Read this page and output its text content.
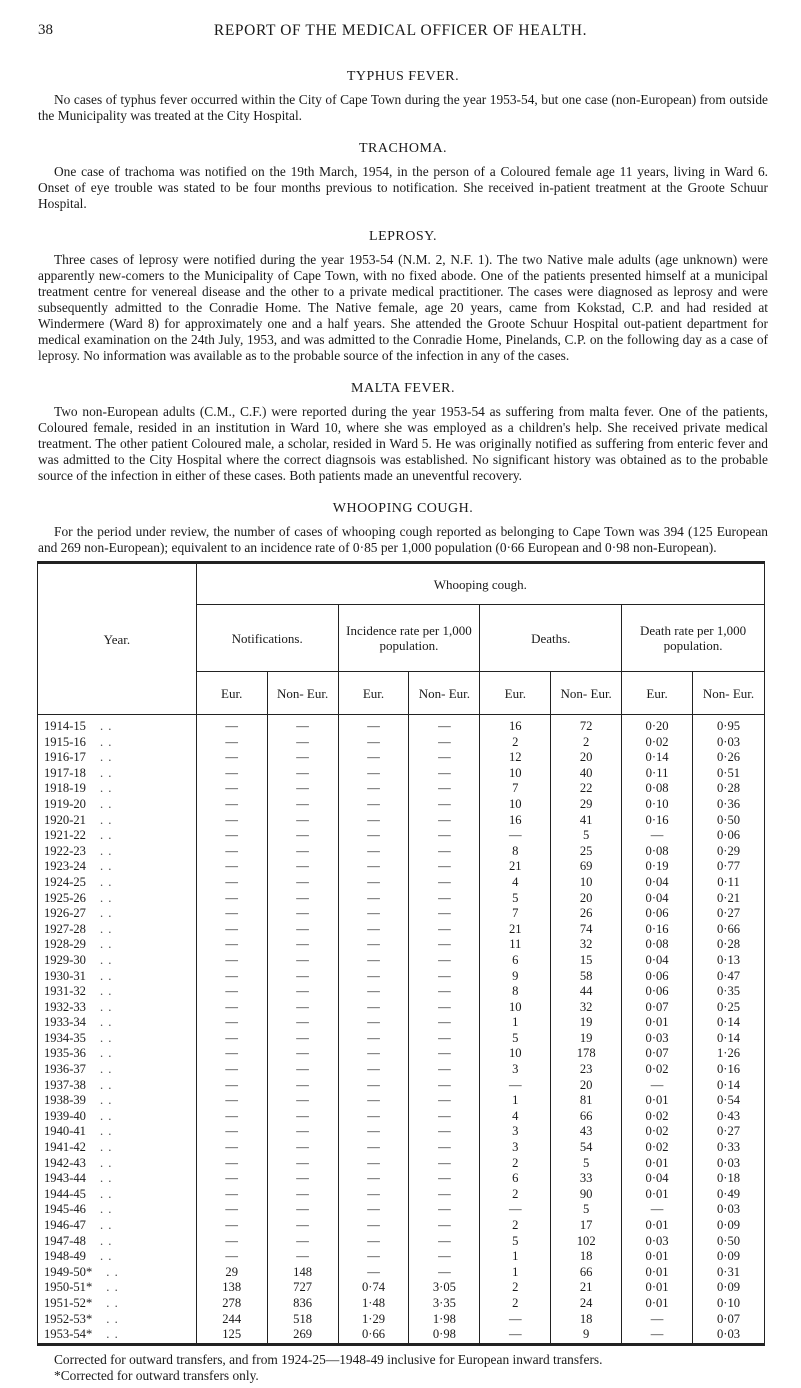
38	REPORT OF THE MEDICAL OFFICER OF HEALTH.
TYPHUS FEVER.

No cases of typhus fever occurred within the City of Cape Town during the year 1953-54, but one case (non-European) from outside the Municipality was treated at the City Hospital.

TRACHOMA.

One case of trachoma was notified on the 19th March, 1954, in the person of a Coloured female age 11 years, living in Ward 6. Onset of eye trouble was stated to be four months previous to notification. She received in-patient treatment at the Groote Schuur Hospital.

LEPROSY.

Three cases of leprosy were notified during the year 1953-54 (N.M. 2, N.F. 1). The two Native male adults (age unknown) were apparently new-comers to the Municipality of Cape Town, with no fixed abode. One of the patients presented himself at a municipal treatment centre for venereal disease and the other to a private medical practitioner. The cases were diagnosed as leprosy and were subsequently admitted to the Conradie Home. The Native female, age 20 years, came from Kokstad, C.P. and had resided at Windermere (Ward 8) for approximately one and a half years. She attended the Groote Schuur Hospital out-patient department for medical examination on the 24th July, 1953, and was admitted to the Conradie Home, Pinelands, C.P. on the following day as a case of leprosy. No information was available as to the probable source of the infection in any of the cases.

MALTA FEVER.

Two non-European adults (C.M., C.F.) were reported during the year 1953-54 as suffering from malta fever. One of the patients, Coloured female, resided in an institution in Ward 10, where she was employed as a children's help. She received private medical treatment. The other patient Coloured male, a scholar, resided in Ward 5. He was originally notified as suffering from enteric fever and was admitted to the City Hospital where the correct diagnsois was established. No significant history was obtained as to the probable source of the infection in either of these cases. Both patients made an uneventful recovery.

WHOOPING COUGH.

For the period under review, the number of cases of whooping cough reported as belonging to Cape Town was 394 (125 European and 269 non-European); equivalent to an incidence rate of 0·85 per 1,000 population (0·66 European and 0·98 non-European).

Year.	Whooping cough.							
	Notifications.		Incidence rate per 1,000 population.		Deaths.		Death rate per 1,000 population.	
	Eur.	Non- Eur.	Eur.	Non- Eur.	Eur.	Non- Eur.	Eur.	Non- Eur.
1914-15 . .	—	—	—	—	16	72	0·20	0·95
1915-16 . .	—	—	—	—	2	2	0·02	0·03
1916-17 . .	—	—	—	—	12	20	0·14	0·26
1917-18 . .	—	—	—	—	10	40	0·11	0·51
1918-19 . .	—	—	—	—	7	22	0·08	0·28
1919-20 . .	—	—	—	—	10	29	0·10	0·36
1920-21 . .	—	—	—	—	16	41	0·16	0·50
1921-22 . .	—	—	—	—	—	5	—	0·06
1922-23 . .	—	—	—	—	8	25	0·08	0·29
1923-24 . .	—	—	—	—	21	69	0·19	0·77
1924-25 . .	—	—	—	—	4	10	0·04	0·11
1925-26 . .	—	—	—	—	5	20	0·04	0·21
1926-27 . .	—	—	—	—	7	26	0·06	0·27
1927-28 . .	—	—	—	—	21	74	0·16	0·66
1928-29 . .	—	—	—	—	11	32	0·08	0·28
1929-30 . .	—	—	—	—	6	15	0·04	0·13
1930-31 . .	—	—	—	—	9	58	0·06	0·47
1931-32 . .	—	—	—	—	8	44	0·06	0·35
1932-33 . .	—	—	—	—	10	32	0·07	0·25
1933-34 . .	—	—	—	—	1	19	0·01	0·14
1934-35 . .	—	—	—	—	5	19	0·03	0·14
1935-36 . .	—	—	—	—	10	178	0·07	1·26
1936-37 . .	—	—	—	—	3	23	0·02	0·16
1937-38 . .	—	—	—	—	—	20	—	0·14
1938-39 . .	—	—	—	—	1	81	0·01	0·54
1939-40 . .	—	—	—	—	4	66	0·02	0·43
1940-41 . .	—	—	—	—	3	43	0·02	0·27
1941-42 . .	—	—	—	—	3	54	0·02	0·33
1942-43 . .	—	—	—	—	2	5	0·01	0·03
1943-44 . .	—	—	—	—	6	33	0·04	0·18
1944-45 . .	—	—	—	—	2	90	0·01	0·49
1945-46 . .	—	—	—	—	—	5	—	0·03
1946-47 . .	—	—	—	—	2	17	0·01	0·09
1947-48 . .	—	—	—	—	5	102	0·03	0·50
1948-49 . .	—	—	—	—	1	18	0·01	0·09
1949-50* . .	29	148	—	—	1	66	0·01	0·31
1950-51* . .	138	727	0·74	3·05	2	21	0·01	0·09
1951-52* . .	278	836	1·48	3·35	2	24	0·01	0·10
1952-53* . .	244	518	1·29	1·98	—	18	—	0·07
1953-54* . .	125	269	0·66	0·98	—	9	—	0·03

Corrected for outward transfers, and from 1924-25—1948-49 inclusive for European inward transfers.

*Corrected for outward transfers only.
